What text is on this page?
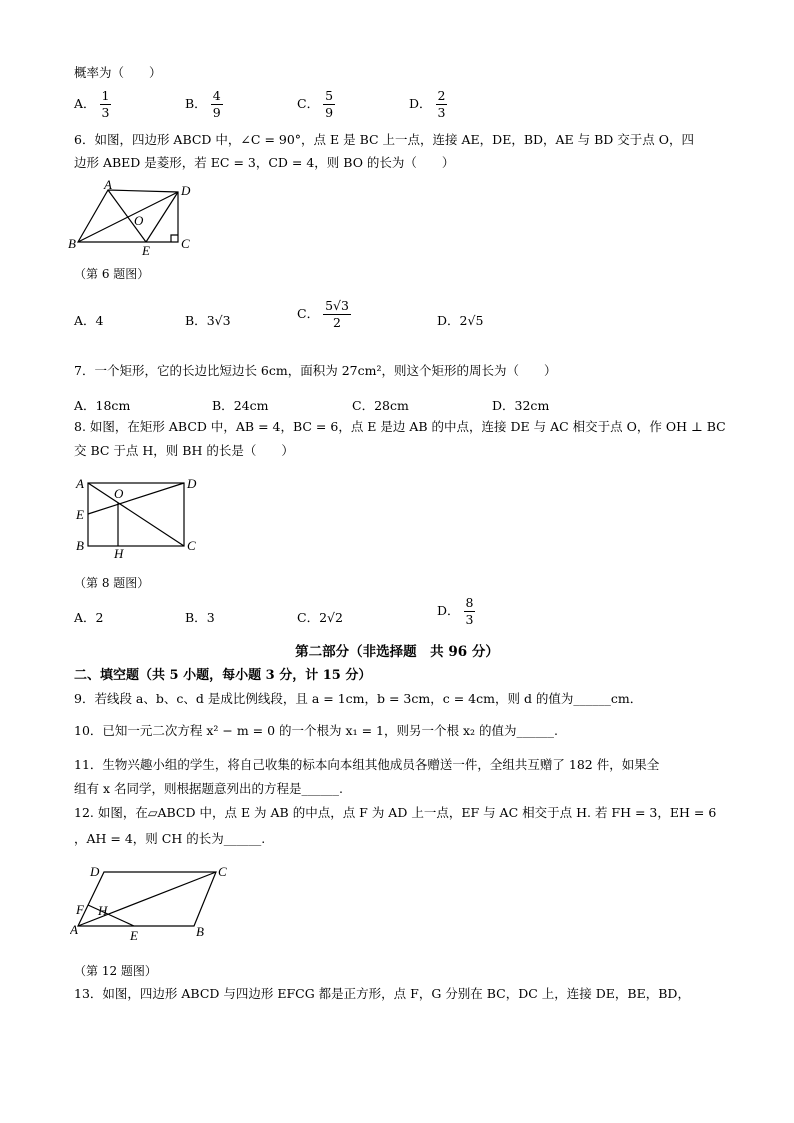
概率为（　　）
A． $\frac{1}{3}$	B． $\frac{4}{9}$	C． $\frac{5}{9}$	D． $\frac{2}{3}$
6．如图，四边形 ABCD 中，∠C = 90°，点 E 是 BC 上一点，连接 AE，DE，BD，AE 与 BD 交于点 O，四
边形 ABED 是菱形，若 EC = 3，CD = 4，则 BO 的长为（　　）
A	D
O
B	E C
（第 6 题图）
A．4	B．3√3	C． $\frac{5√3}{2}$	D．2√5
7．一个矩形，它的长边比短边长 6cm，面积为 27cm²，则这个矩形的周长为（　　）
A．18cm	B．24cm	C．28cm	D．32cm
8. 如图，在矩形 ABCD 中，AB = 4，BC = 6，点 E 是边 AB 的中点，连接 DE 与 AC 相交于点 O，作 OH ⊥ BC
交 BC 于点 H，则 BH 的长是（　　）
A
O
D
E
B
H
C
（第 8 题图）
A．2	B．3	C．2√2	D． $\frac{8}{3}$
第二部分（非选择题　共 96 分）
二、填空题（共 5 小题，每小题 3 分，计 15 分）
9．若线段 a、b、c、d 是成比例线段，且 a = 1cm，b = 3cm，c = 4cm，则 d 的值为______cm．
10．已知一元二次方程 x² − m = 0 的一个根为 x₁ = 1，则另一个根 x₂ 的值为______.
11．生物兴趣小组的学生，将自己收集的标本向本组其他成员各赠送一件，全组共互赠了 182 件，如果全
组有 x 名同学，则根据题意列出的方程是______.
12. 如图，在▱ABCD 中，点 E 为 AB 的中点，点 F 为 AD 上一点，EF 与 AC 相交于点 H. 若 FH = 3，EH = 6
，AH = 4，则 CH 的长为______.
D	C
F H
A	E	B
（第 12 题图）
13．如图，四边形 ABCD 与四边形 EFCG 都是正方形，点 F，G 分别在 BC，DC 上，连接 DE，BE，BD，
